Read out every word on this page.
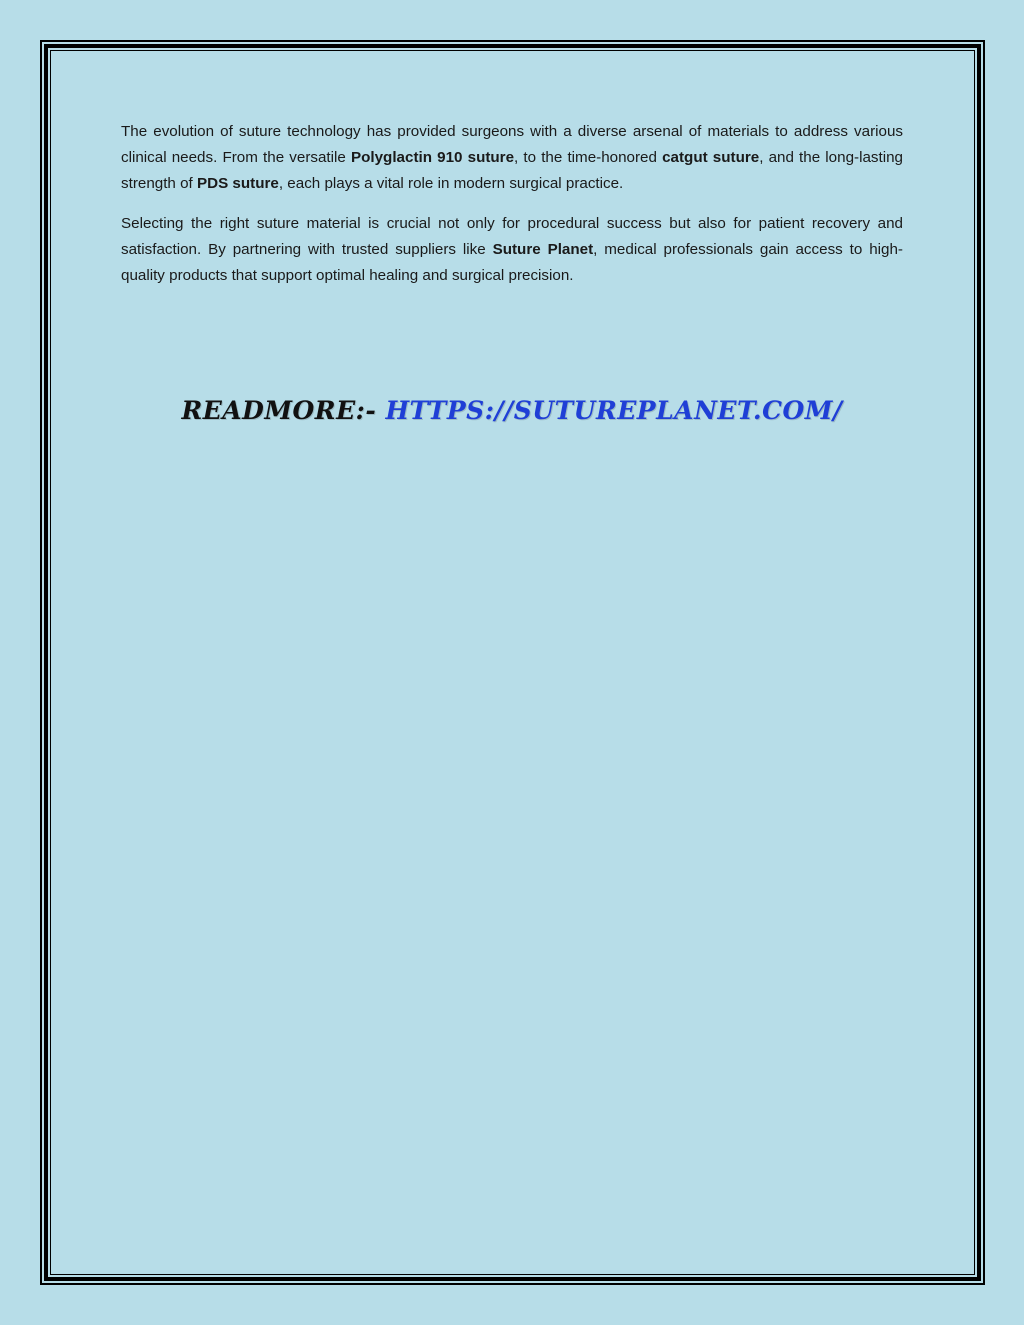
The evolution of suture technology has provided surgeons with a diverse arsenal of materials to address various clinical needs. From the versatile Polyglactin 910 suture, to the time-honored catgut suture, and the long-lasting strength of PDS suture, each plays a vital role in modern surgical practice.

Selecting the right suture material is crucial not only for procedural success but also for patient recovery and satisfaction. By partnering with trusted suppliers like Suture Planet, medical professionals gain access to high-quality products that support optimal healing and surgical precision.

READMORE:- HTTPS://SUTUREPLANET.COM/
